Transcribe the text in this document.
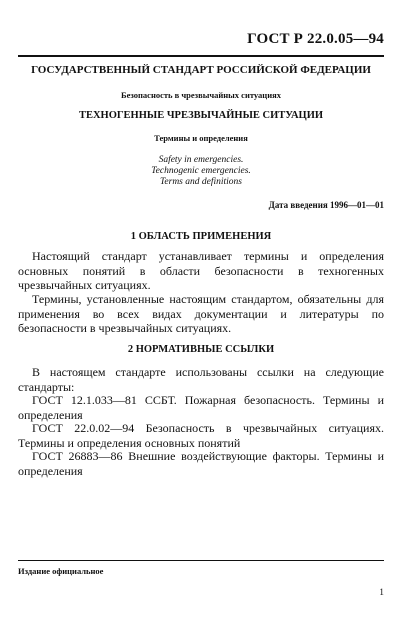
ГОСТ Р 22.0.05—94
ГОСУДАРСТВЕННЫЙ СТАНДАРТ РОССИЙСКОЙ ФЕДЕРАЦИИ
Безопасность в чрезвычайных ситуациях
ТЕХНОГЕННЫЕ ЧРЕЗВЫЧАЙНЫЕ СИТУАЦИИ
Термины и определения
Safety in emergencies.
Technogenic emergencies.
Terms and definitions
Дата введения 1996—01—01
1 ОБЛАСТЬ ПРИМЕНЕНИЯ
Настоящий стандарт устанавливает термины и определения основных понятий в области безопасности в техногенных чрезвычайных ситуациях.
Термины, установленные настоящим стандартом, обязательны для применения во всех видах документации и литературы по безопасности в чрезвычайных ситуациях.
2 НОРМАТИВНЫЕ ССЫЛКИ
В настоящем стандарте использованы ссылки на следующие стандарты:
ГОСТ 12.1.033—81 ССБТ. Пожарная безопасность. Термины и определения
ГОСТ 22.0.02—94 Безопасность в чрезвычайных ситуациях. Термины и определения основных понятий
ГОСТ 26883—86 Внешние воздействующие факторы. Термины и определения
Издание официальное
1
